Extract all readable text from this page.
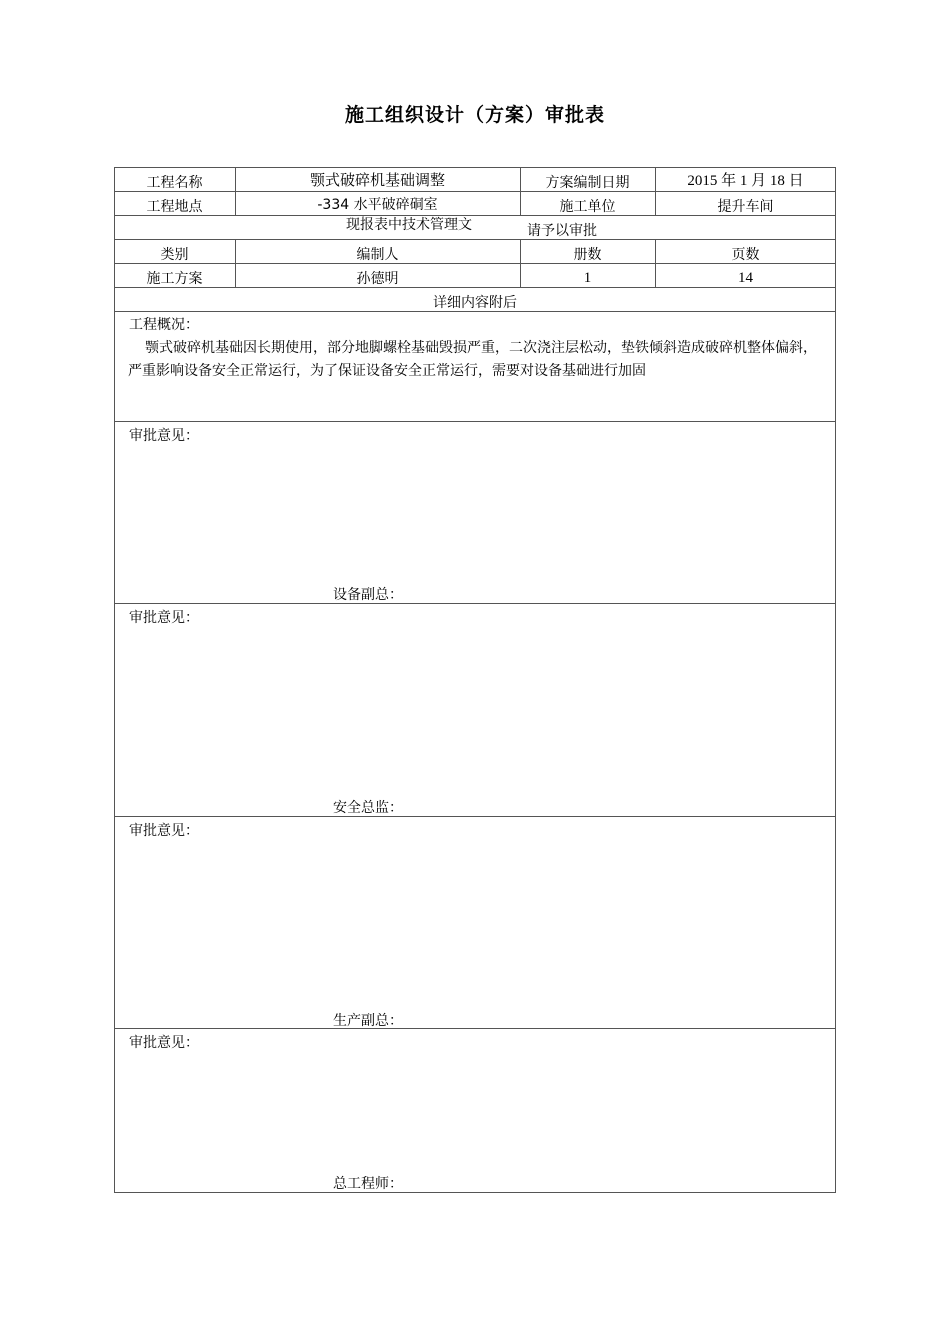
施工组织设计（方案）审批表
工程名称	颚式破碎机基础调整	方案编制日期	2015 年 1 月 18 日
工程地点	-334 水平破碎硐室	施工单位	提升车间
现报表中技术管理文	请予以审批
类别	编制人	册数	页数
施工方案	孙德明	1	14
详细内容附后
工程概况：
颚式破碎机基础因长期使用，部分地脚螺栓基础毁损严重，二次浇注层松动，垫铁倾斜造成破碎机整体偏斜，严重影响设备安全正常运行，为了保证设备安全正常运行，需要对设备基础进行加固
审批意见：
设备副总：
审批意见：
安全总监：
审批意见：
生产副总：
审批意见：
总工程师：
